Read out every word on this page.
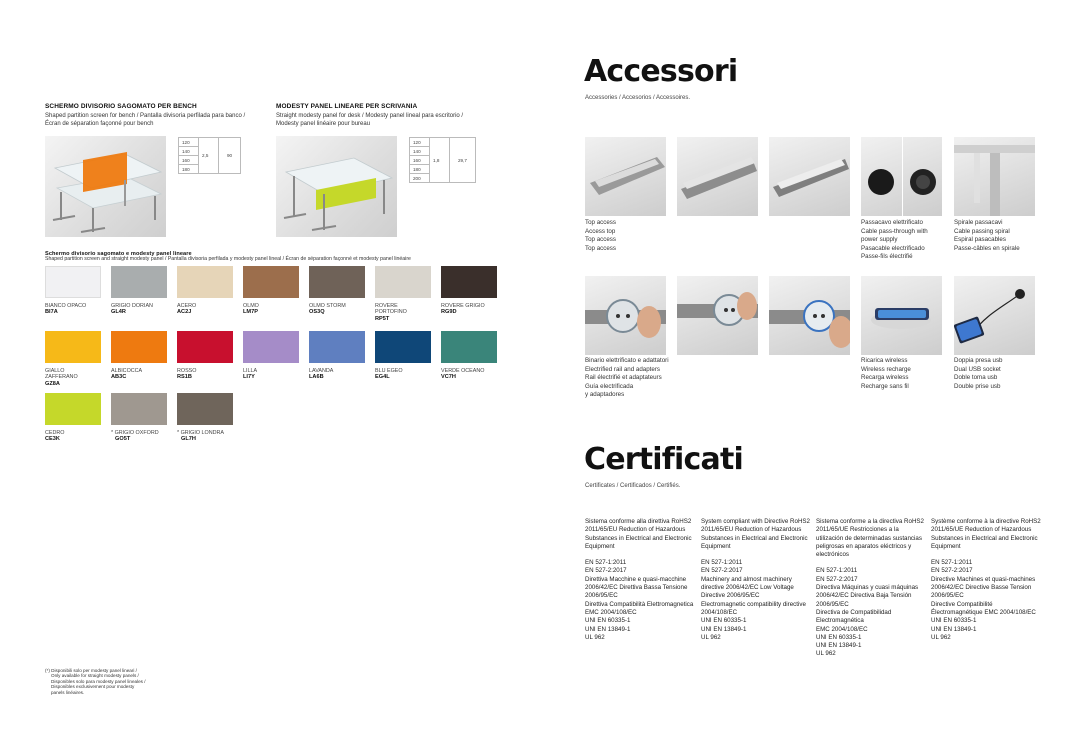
SCHERMO DIVISORIO SAGOMATO PER BENCH
Shaped partition screen for bench / Pantalla divisoria perfilada para banco /
Écran de séparation façonné pour bench
120	2,5	90
140
160
180
MODESTY PANEL LINEARE PER SCRIVANIA
Straight modesty panel for desk / Modesty panel lineal para escritorio /
Modesty panel linéaire pour bureau
120	1,8	29,7
140
160
180
200
Schermo divisorio sagomato e modesty panel lineare
Shaped partition screen and straight modesty panel / Pantalla divisoria perfilada y modesty panel lineal / Écran de séparation façonné et modesty panel linéaire
BIANCO OPACO
BI7A
GRIGIO DORIAN
GL4R
ACERO
AC2J
OLMO
LM7P
OLMO STORM
OS3Q
ROVERE
PORTOFINO
RP5T
ROVERE GRIGIO
RG9D
GIALLO
ZAFFERANO
GZ8A
ALBICOCCA
AB3C
ROSSO
RS1B
LILLA
LI7Y
LAVANDA
LA6B
BLU EGEO
EG4L
VERDE OCEANO
VC7H
CEDRO
CE3K
* GRIGIO OXFORD
GO5T
* GRIGIO LONDRA
GL7H
(*) Disponibili solo per modesty panel lineari /
Only available for straight modesty panels /
Disponibles solo para modesty panel lineales /
Disponibles exclusivement pour modesty
panels linéaires.
Accessori
Accessories / Accesorios / Accessoires.
Top access
Access top
Top access
Top access
Passacavo elettrificato
Cable pass-through with
power supply
Pasacable electrificado
Passe-fils électrifié
Spirale passacavi
Cable passing spiral
Espiral pasacables
Passe-câbles en spirale
Binario elettrificato e adattatori
Electrified rail and adapters
Rail électrifié et adaptateurs
Guía electrificada
y adaptadores
Ricarica wireless
Wireless recharge
Recarga wireless
Recharge sans fil
Doppia presa usb
Dual USB socket
Doble toma usb
Double prise usb
Certificati
Certificates / Certificados / Certifiés.

Sistema conforme alla direttiva RoHS2 2011/65/EU Reduction of Hazardous Substances in Electrical and Electronic Equipment

EN 527-1:2011
EN 527-2:2017
Direttiva Macchine e quasi-macchine 2006/42/EC Direttiva Bassa Tensione 2006/95/EC
Direttiva Compatibilità Elettromagnetica
EMC 2004/108/EC
UNI EN 60335-1
UNI EN 13849-1
UL 962

System compliant with Directive RoHS2 2011/65/EU Reduction of Hazardous Substances in Electrical and Electronic Equipment

EN 527-1:2011
EN 527-2:2017
Machinery and almost machinery directive 2006/42/EC Low Voltage Directive 2006/95/EC
Electromagnetic compatibility directive 2004/108/EC
UNI EN 60335-1
UNI EN 13849-1
UL 962

Sistema conforme a la directiva RoHS2 2011/65/UE Restricciones a la utilización de determinadas sustancias peligrosas en aparatos eléctricos y electrónicos

EN 527-1:2011
EN 527-2:2017
Directiva Máquinas y cuasi máquinas 2006/42/EC Directiva Baja Tensión 2006/95/EC
Directiva de Compatibilidad Electromagnética
EMC 2004/108/EC
UNI EN 60335-1
UNI EN 13849-1
UL 962

Système conforme à la directive RoHS2 2011/65/UE Reduction of Hazardous Substances in Electrical and Electronic Equipment

EN 527-1:2011
EN 527-2:2017
Directive Machines et quasi-machines 2006/42/EC Directive Basse Tension 2006/95/EC
Directive Compatibilité Électromagnétique EMC 2004/108/EC
UNI EN 60335-1
UNI EN 13849-1
UL 962
